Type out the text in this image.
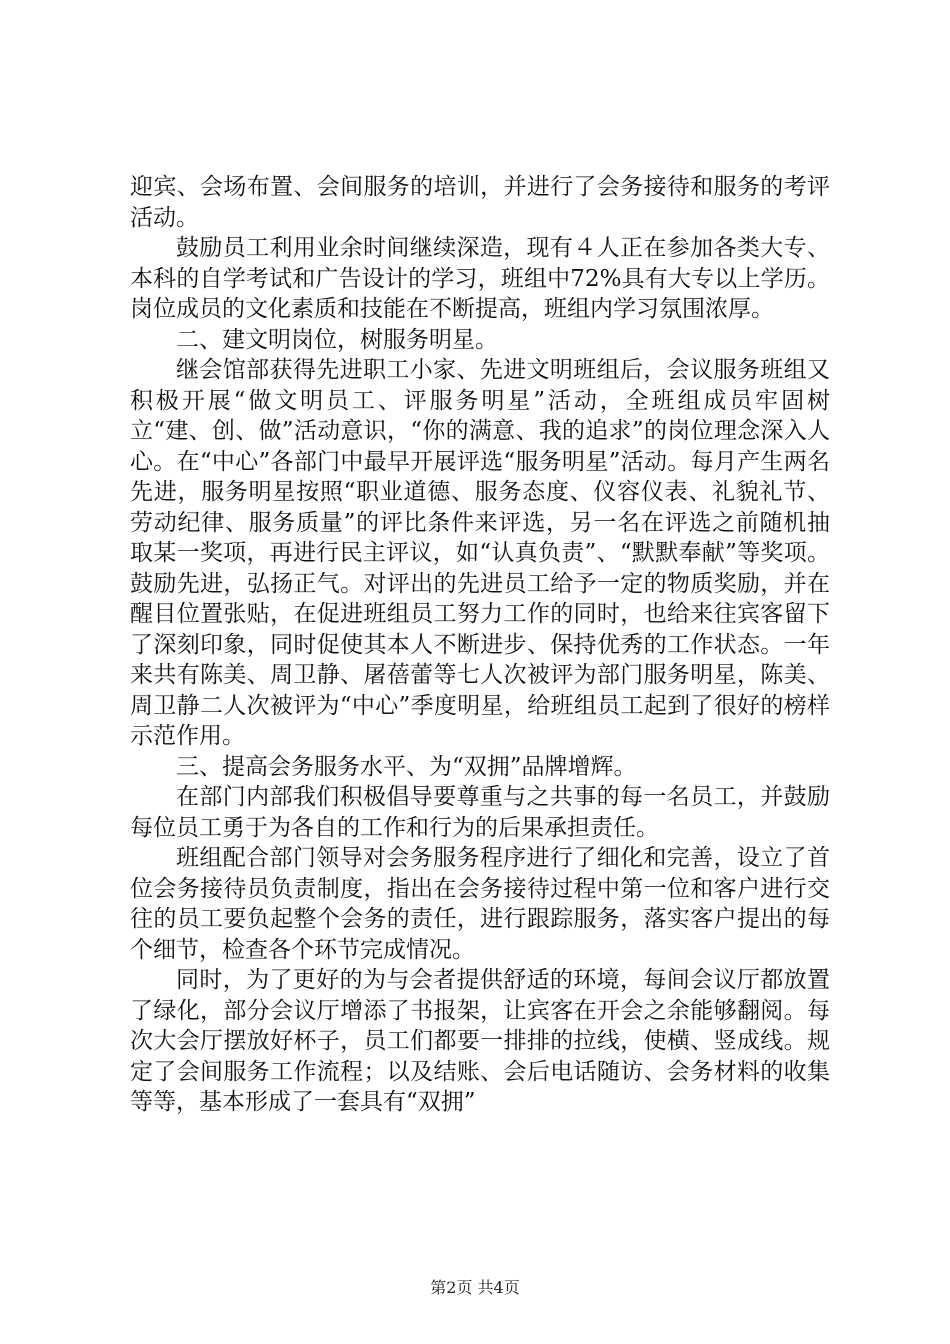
迎宾、会场布置、会间服务的培训，并进行了会务接待和服务的考评活动。

鼓励员工利用业余时间继续深造，现有４人正在参加各类大专、本科的自学考试和广告设计的学习，班组中72%具有大专以上学历。岗位成员的文化素质和技能在不断提高，班组内学习氛围浓厚。

二、建文明岗位，树服务明星。

继会馆部获得先进职工小家、先进文明班组后，会议服务班组又积极开展“做文明员工、评服务明星”活动，全班组成员牢固树立“建、创、做”活动意识，“你的满意、我的追求”的岗位理念深入人心。在“中心”各部门中最早开展评选“服务明星”活动。每月产生两名先进，服务明星按照“职业道德、服务态度、仪容仪表、礼貌礼节、劳动纪律、服务质量”的评比条件来评选，另一名在评选之前随机抽取某一奖项，再进行民主评议，如“认真负责”、“默默奉献”等奖项。鼓励先进，弘扬正气。对评出的先进员工给予一定的物质奖励，并在醒目位置张贴，在促进班组员工努力工作的同时，也给来往宾客留下了深刻印象，同时促使其本人不断进步、保持优秀的工作状态。一年来共有陈美、周卫静、屠蓓蕾等七人次被评为部门服务明星，陈美、周卫静二人次被评为“中心”季度明星，给班组员工起到了很好的榜样示范作用。

三、提高会务服务水平、为“双拥”品牌增辉。

在部门内部我们积极倡导要尊重与之共事的每一名员工，并鼓励每位员工勇于为各自的工作和行为的后果承担责任。

班组配合部门领导对会务服务程序进行了细化和完善，设立了首位会务接待员负责制度，指出在会务接待过程中第一位和客户进行交往的员工要负起整个会务的责任，进行跟踪服务，落实客户提出的每个细节，检查各个环节完成情况。

同时，为了更好的为与会者提供舒适的环境，每间会议厅都放置了绿化，部分会议厅增添了书报架，让宾客在开会之余能够翻阅。每次大会厅摆放好杯子，员工们都要一排排的拉线，使横、竖成线。规定了会间服务工作流程；以及结账、会后电话随访、会务材料的收集等等，基本形成了一套具有“双拥”

第2页 共4页
